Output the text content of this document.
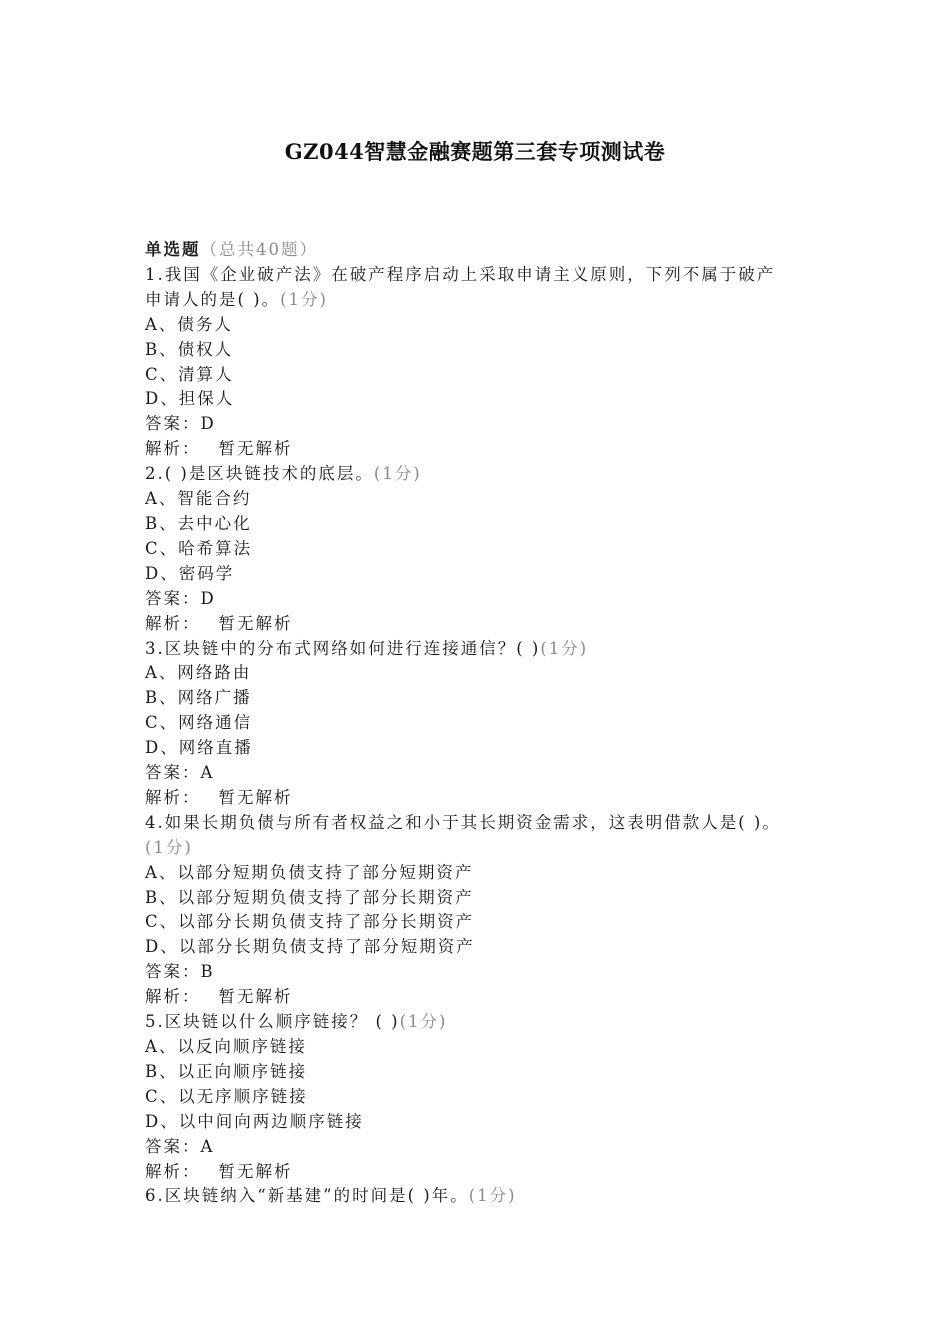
GZ044智慧金融赛题第三套专项测试卷
单选题（总共40题）
1.我国《企业破产法》在破产程序启动上采取申请主义原则，下列不属于破产
申请人的是( )。(1分)
A、债务人
B、债权人
C、清算人
D、担保人
答案：D
解析： 暂无解析
2.( )是区块链技术的底层。(1分)
A、智能合约
B、去中心化
C、哈希算法
D、密码学
答案：D
解析： 暂无解析
3.区块链中的分布式网络如何进行连接通信？( )(1分)
A、网络路由
B、网络广播
C、网络通信
D、网络直播
答案：A
解析： 暂无解析
4.如果长期负债与所有者权益之和小于其长期资金需求，这表明借款人是( )。
(1分)
A、以部分短期负债支持了部分短期资产
B、以部分短期负债支持了部分长期资产
C、以部分长期负债支持了部分长期资产
D、以部分长期负债支持了部分短期资产
答案：B
解析： 暂无解析
5.区块链以什么顺序链接？ ( )(1分)
A、以反向顺序链接
B、以正向顺序链接
C、以无序顺序链接
D、以中间向两边顺序链接
答案：A
解析： 暂无解析
6.区块链纳入“新基建”的时间是( )年。(1分)
